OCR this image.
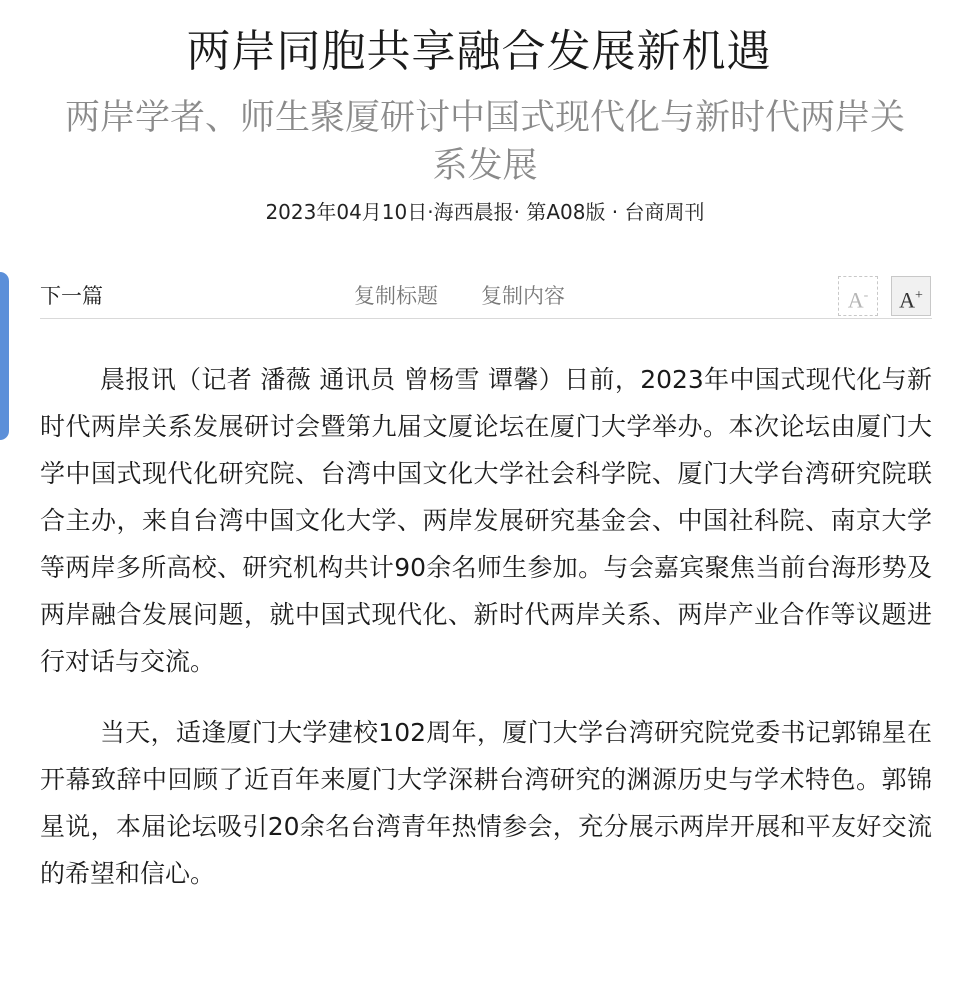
两岸同胞共享融合发展新机遇
两岸学者、师生聚厦研讨中国式现代化与新时代两岸关系发展
2023年04月10日·海西晨报· 第A08版 · 台商周刊
下一篇	复制标题 复制内容	A-	A+

晨报讯（记者 潘薇 通讯员 曾杨雪 谭馨）日前，2023年中国式现代化与新时代两岸关系发展研讨会暨第九届文厦论坛在厦门大学举办。本次论坛由厦门大学中国式现代化研究院、台湾中国文化大学社会科学院、厦门大学台湾研究院联合主办，来自台湾中国文化大学、两岸发展研究基金会、中国社科院、南京大学等两岸多所高校、研究机构共计90余名师生参加。与会嘉宾聚焦当前台海形势及两岸融合发展问题，就中国式现代化、新时代两岸关系、两岸产业合作等议题进行对话与交流。

当天，适逢厦门大学建校102周年，厦门大学台湾研究院党委书记郭锦星在开幕致辞中回顾了近百年来厦门大学深耕台湾研究的渊源历史与学术特色。郭锦星说，本届论坛吸引20余名台湾青年热情参会，充分展示两岸开展和平友好交流的希望和信心。
